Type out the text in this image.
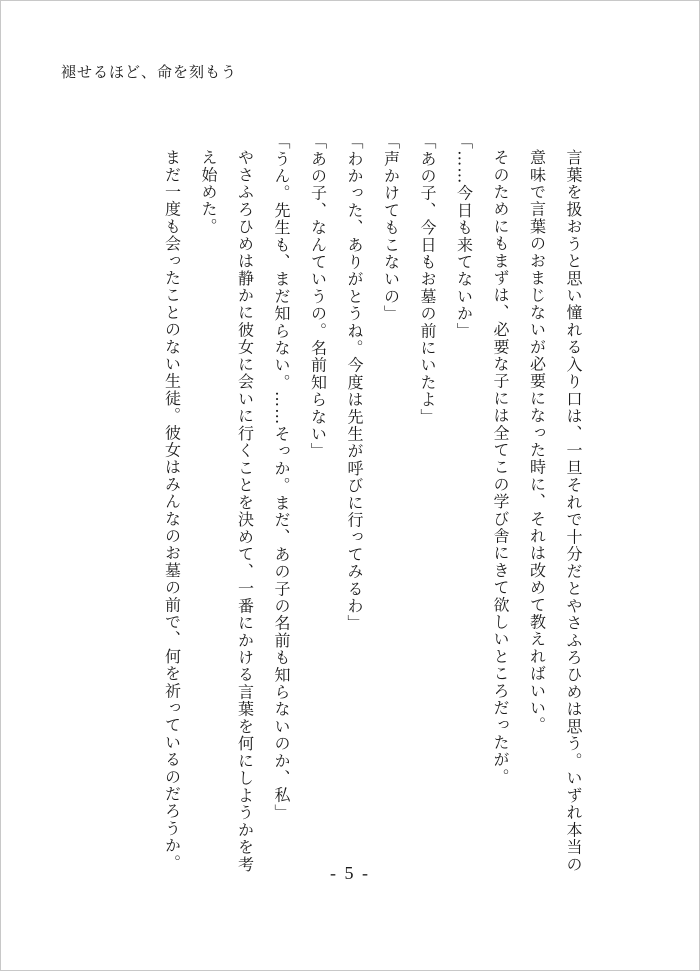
褪せるほど、命を刻もう

言葉を扱おうと思い憧れる入り口は、一旦それで十分だとやさふろひめは思う。いずれ本当の意味で言葉のおまじないが必要になった時に、それは改めて教えればいい。

そのためにもまずは、必要な子には全てこの学び舎にきて欲しいところだったが。

「……今日も来てないか」

「あの子、今日もお墓の前にいたよ」

「声かけてもこないの」

「わかった、ありがとうね。今度は先生が呼びに行ってみるわ」

「あの子、なんていうの。名前知らない」

「うん。先生も、まだ知らない。……そっか。まだ、あの子の名前も知らないのか、私」

やさふろひめは静かに彼女に会いに行くことを決めて、一番にかける言葉を何にしようかを考え始めた。

まだ一度も会ったことのない生徒。彼女はみんなのお墓の前で、何を祈っているのだろうか。

- 5 -
